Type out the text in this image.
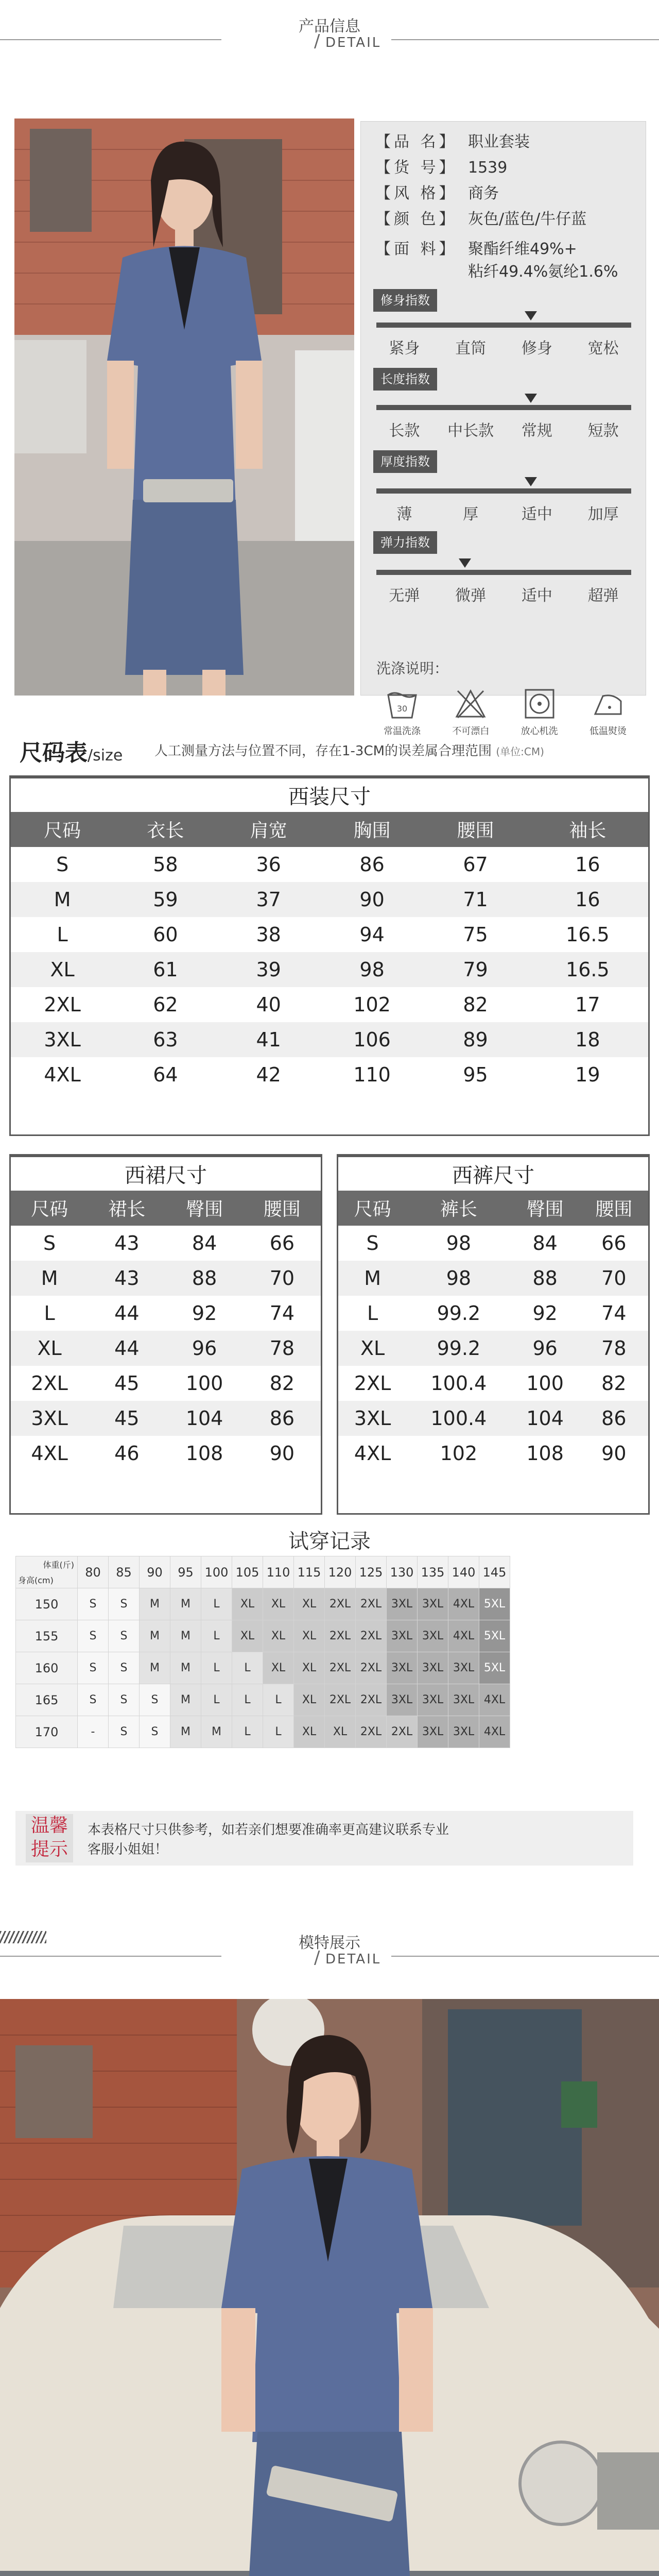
产品信息
/ DETAIL
【品 名】 职业套装
【货 号】 1539
【风 格】 商务
【颜 色】 灰色/蓝色/牛仔蓝
【面 料】 聚酯纤维49%+
粘纤49.4%氨纶1.6%
修身指数
紧身	直筒	修身	宽松
长度指数
长款	中长款	常规	短款
厚度指数
薄	厚	适中	加厚
弹力指数
无弹	微弹	适中	超弹
洗涤说明：
30
常温洗涤	不可漂白	放心机洗	低温熨烫
尺码表/size 人工测量方法与位置不同，存在1-3CM的误差属合理范围 (单位:CM)
西装尺寸					
尺码	衣长	肩宽	胸围	腰围	袖长
S	58	36	86	67	16
M	59	37	90	71	16
L	60	38	94	75	16.5
XL	61	39	98	79	16.5
2XL	62	40	102	82	17
3XL	63	41	106	89	18
4XL	64	42	110	95	19
西裙尺寸			
尺码	裙长	臀围	腰围
S	43	84	66
M	43	88	70
L	44	92	74
XL	44	96	78
2XL	45	100	82
3XL	45	104	86
4XL	46	108	90
西裤尺寸			
尺码	裤长	臀围	腰围
S	98	84	66
M	98	88	70
L	99.2	92	74
XL	99.2	96	78
2XL	100.4	100	82
3XL	100.4	104	86
4XL	102	108	90
试穿记录
体重(斤)
身高(cm)	80	85	90	95	100	105	110	115	120	125	130	135	140	145
150	S	S	M	M	L	XL	XL	XL	2XL	2XL	3XL	3XL	4XL	5XL
155	S	S	M	M	L	XL	XL	XL	2XL	2XL	3XL	3XL	4XL	5XL
160	S	S	M	M	L	L	XL	XL	2XL	2XL	3XL	3XL	3XL	5XL
165	S	S	S	M	L	L	L	XL	2XL	2XL	3XL	3XL	3XL	4XL
170	-	S	S	M	M	L	L	XL	XL	2XL	2XL	3XL	3XL	4XL
温馨提示
本表格尺寸只供参考，如若亲们想要准确率更高建议联系专业客服小姐姐！
模特展示
/ DETAIL
